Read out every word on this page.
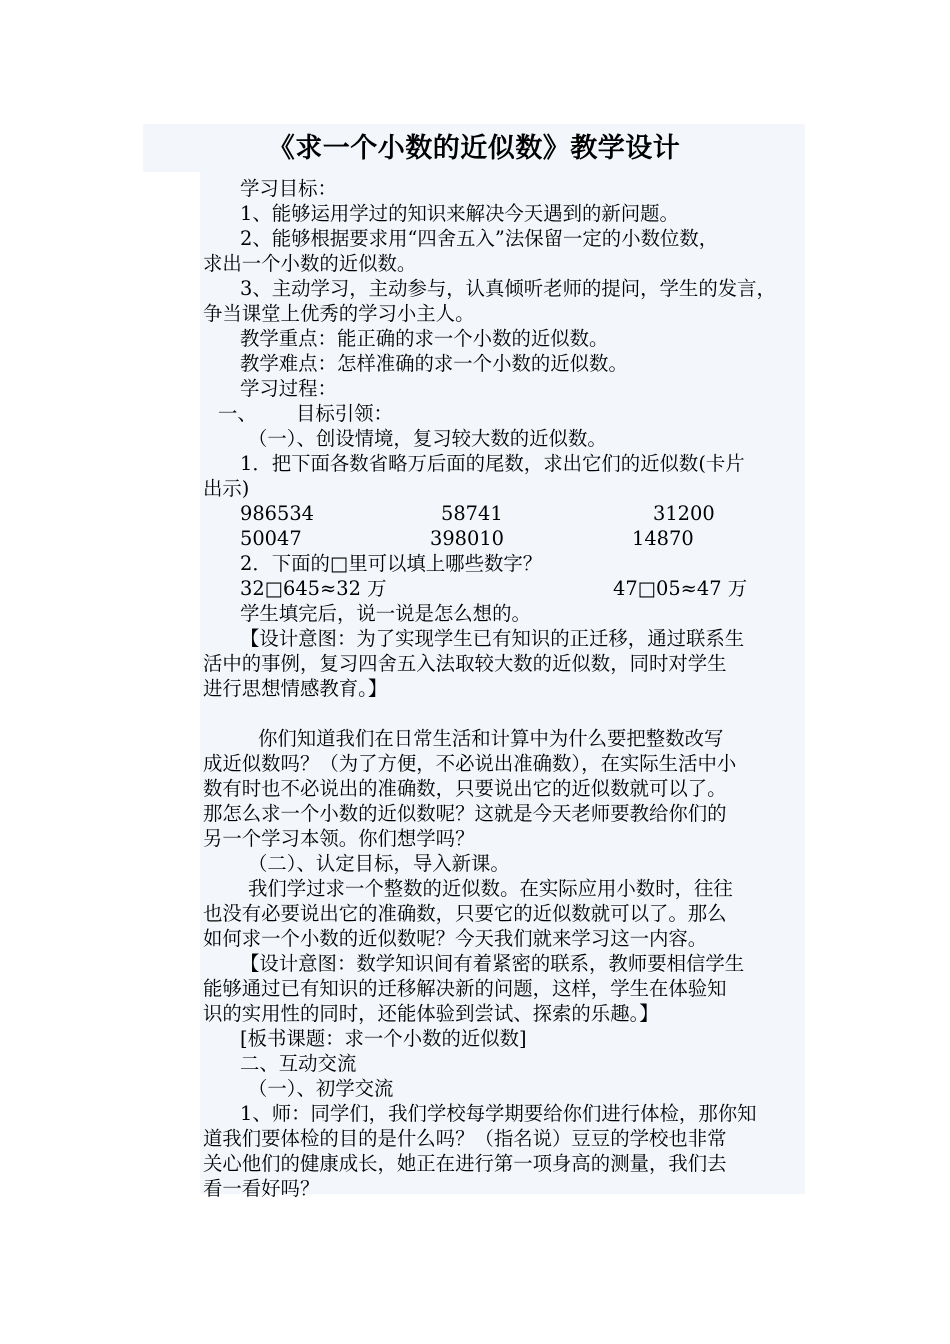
《求一个小数的近似数》教学设计
学习目标：
1、能够运用学过的知识来解决今天遇到的新问题。
2、能够根据要求用“四舍五入”法保留一定的小数位数，
求出一个小数的近似数。
3、主动学习，主动参与，认真倾听老师的提问，学生的发言，
争当课堂上优秀的学习小主人。
教学重点：能正确的求一个小数的近似数。
教学难点：怎样准确的求一个小数的近似数。
学习过程：
一、 目标引领：
（一）、创设情境，复习较大数的近似数。
1．把下面各数省略万后面的尾数，求出它们的近似数(卡片
出示)
986534	58741	31200
50047	398010	14870
2．下面的□里可以填上哪些数字？
32□645≈32 万	47□05≈47 万
学生填完后，说一说是怎么想的。
【设计意图：为了实现学生已有知识的正迁移，通过联系生
活中的事例，复习四舍五入法取较大数的近似数，同时对学生
进行思想情感教育。】
你们知道我们在日常生活和计算中为什么要把整数改写
成近似数吗？（为了方便，不必说出准确数），在实际生活中小
数有时也不必说出的准确数，只要说出它的近似数就可以了。
那怎么求一个小数的近似数呢？这就是今天老师要教给你们的
另一个学习本领。你们想学吗？
（二）、认定目标，导入新课。
我们学过求一个整数的近似数。在实际应用小数时，往往
也没有必要说出它的准确数，只要它的近似数就可以了。那么
如何求一个小数的近似数呢？今天我们就来学习这一内容。
【设计意图：数学知识间有着紧密的联系，教师要相信学生
能够通过已有知识的迁移解决新的问题，这样，学生在体验知
识的实用性的同时，还能体验到尝试、探索的乐趣。】
[板书课题：求一个小数的近似数]
二、互动交流
（一）、初学交流
1、师：同学们，我们学校每学期要给你们进行体检，那你知
道我们要体检的目的是什么吗？（指名说）豆豆的学校也非常
关心他们的健康成长，她正在进行第一项身高的测量，我们去
看一看好吗？
